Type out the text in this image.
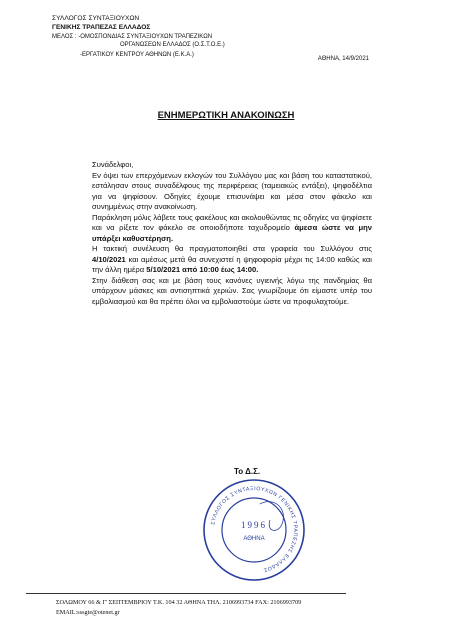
ΣΥΛΛΟΓΟΣ ΣΥΝΤΑΞΙΟΥΧΩΝ
ΓΕΝΙΚΗΣ ΤΡΑΠΕΖΑΣ ΕΛΛΑΔΟΣ
ΜΕΛΟΣ : -ΟΜΟΣΠΟΝΔΙΑΣ ΣΥΝΤΑΞΙΟΥΧΩΝ ΤΡΑΠΕΖΙΚΩΝ
ΟΡΓΑΝΩΣΕΩΝ ΕΛΛΑΔΟΣ (Ο.Σ.Τ.Ο.Ε.)
-ΕΡΓΑΤΙΚΟΥ ΚΕΝΤΡΟΥ ΑΘΗΝΩΝ (Ε.Κ.Α.)
ΑΘΗΝΑ, 14/9/2021
ΕΝΗΜΕΡΩΤΙΚΗ ΑΝΑΚΟΙΝΩΣΗ

Συνάδελφοι,

Εν όψει των επερχόμενων εκλογών του Συλλόγου μας και βάση του καταστατικού, εστάλησαν στους συναδέλφους της περιφέρειας (ταμειακώς εντάξει), ψηφοδέλτια για να ψηφίσουν. Οδηγίες έχουμε επισυνάψει και μέσα στον φάκελο και συνημμένως στην ανακοίνωση.

Παράκληση μόλις λάβετε τους φακέλους και ακολουθώντας τις οδηγίες να ψηφίσετε και να ρίξετε τον φάκελο σε οποιοδήποτε ταχυδρομείο άμεσα ώστε να μην υπάρξει καθυστέρηση.

Η τακτική συνέλευση θα πραγματοποιηθεί στα γραφεία του Συλλόγου στις 4/10/2021 και αμέσως μετά θα συνεχιστεί η ψηφοφορία μέχρι τις 14:00 καθώς και την άλλη ημέρα 5/10/2021 από 10:00 έως 14:00.

Στην διάθεση σας και με βάση τους κανόνες υγιεινής λόγω της πανδημίας θα υπάρχουν μάσκες και αντισηπτικά χεριών. Σας γνωρίζουμε ότι είμαστε υπέρ του εμβολιασμού και θα πρέπει όλοι να εμβολιαστούμε ώστε να προφυλαχτούμε.

Το Δ.Σ.
ΣΥΛΛΟΓΟΣ ΣΥΝΤΑΞΙΟΥΧΩΝ ΓΕΝΙΚΗΣ ΤΡΑΠΕΖΗΣ ΕΛΛΑΔΟΣ
1996
ΑΘΗΝΑ
ΣΟΛΩΜΟΥ 66 & Γ' ΣΕΠΤΕΜΒΡΙΟΥ Τ.Κ. 104 32 ΑΘΗΝΑ ΤΗΛ. 2106993734 FAX: 2106993709
EMAIL:sssgte@otenet.gr
